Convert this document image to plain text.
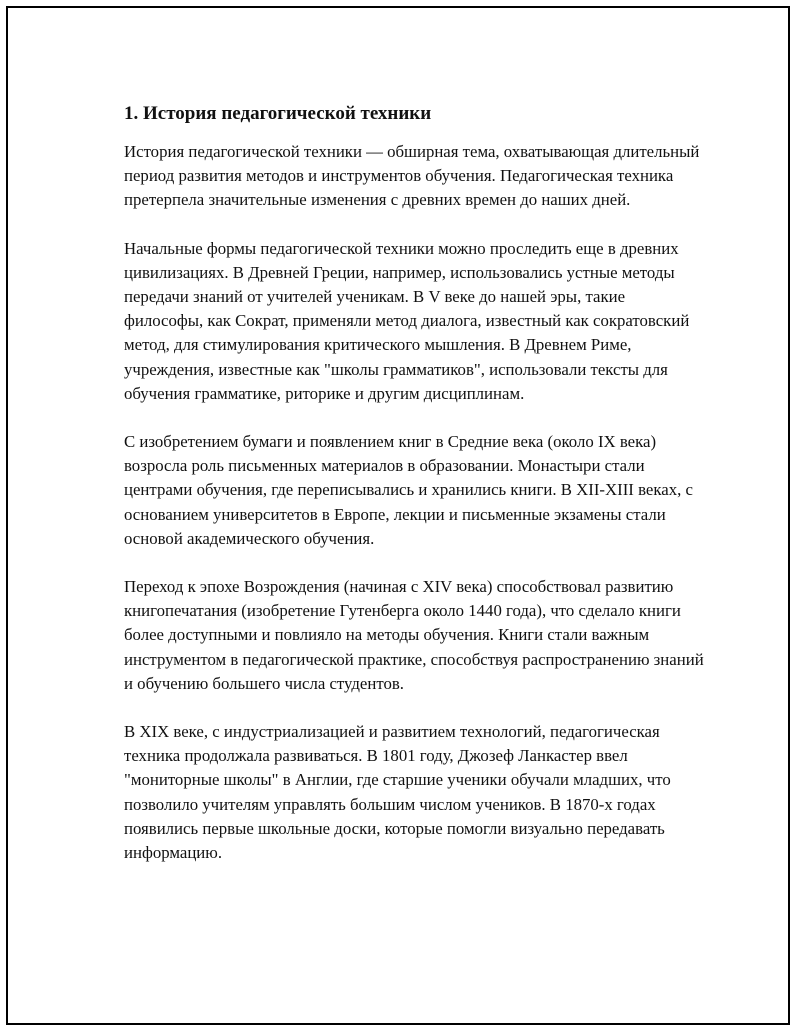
1. История педагогической техники

История педагогической техники — обширная тема, охватывающая длительный период развития методов и инструментов обучения. Педагогическая техника претерпела значительные изменения с древних времен до наших дней.

Начальные формы педагогической техники можно проследить еще в древних цивилизациях. В Древней Греции, например, использовались устные методы передачи знаний от учителей ученикам. В V веке до нашей эры, такие философы, как Сократ, применяли метод диалога, известный как сократовский метод, для стимулирования критического мышления. В Древнем Риме, учреждения, известные как "школы грамматиков", использовали тексты для обучения грамматике, риторике и другим дисциплинам.

С изобретением бумаги и появлением книг в Средние века (около IX века) возросла роль письменных материалов в образовании. Монастыри стали центрами обучения, где переписывались и хранились книги. В XII-XIII веках, с основанием университетов в Европе, лекции и письменные экзамены стали основой академического обучения.

Переход к эпохе Возрождения (начиная с XIV века) способствовал развитию книгопечатания (изобретение Гутенберга около 1440 года), что сделало книги более доступными и повлияло на методы обучения. Книги стали важным инструментом в педагогической практике, способствуя распространению знаний и обучению большего числа студентов.

В XIX веке, с индустриализацией и развитием технологий, педагогическая техника продолжала развиваться. В 1801 году, Джозеф Ланкастер ввел "мониторные школы" в Англии, где старшие ученики обучали младших, что позволило учителям управлять большим числом учеников. В 1870-х годах появились первые школьные доски, которые помогли визуально передавать информацию.
